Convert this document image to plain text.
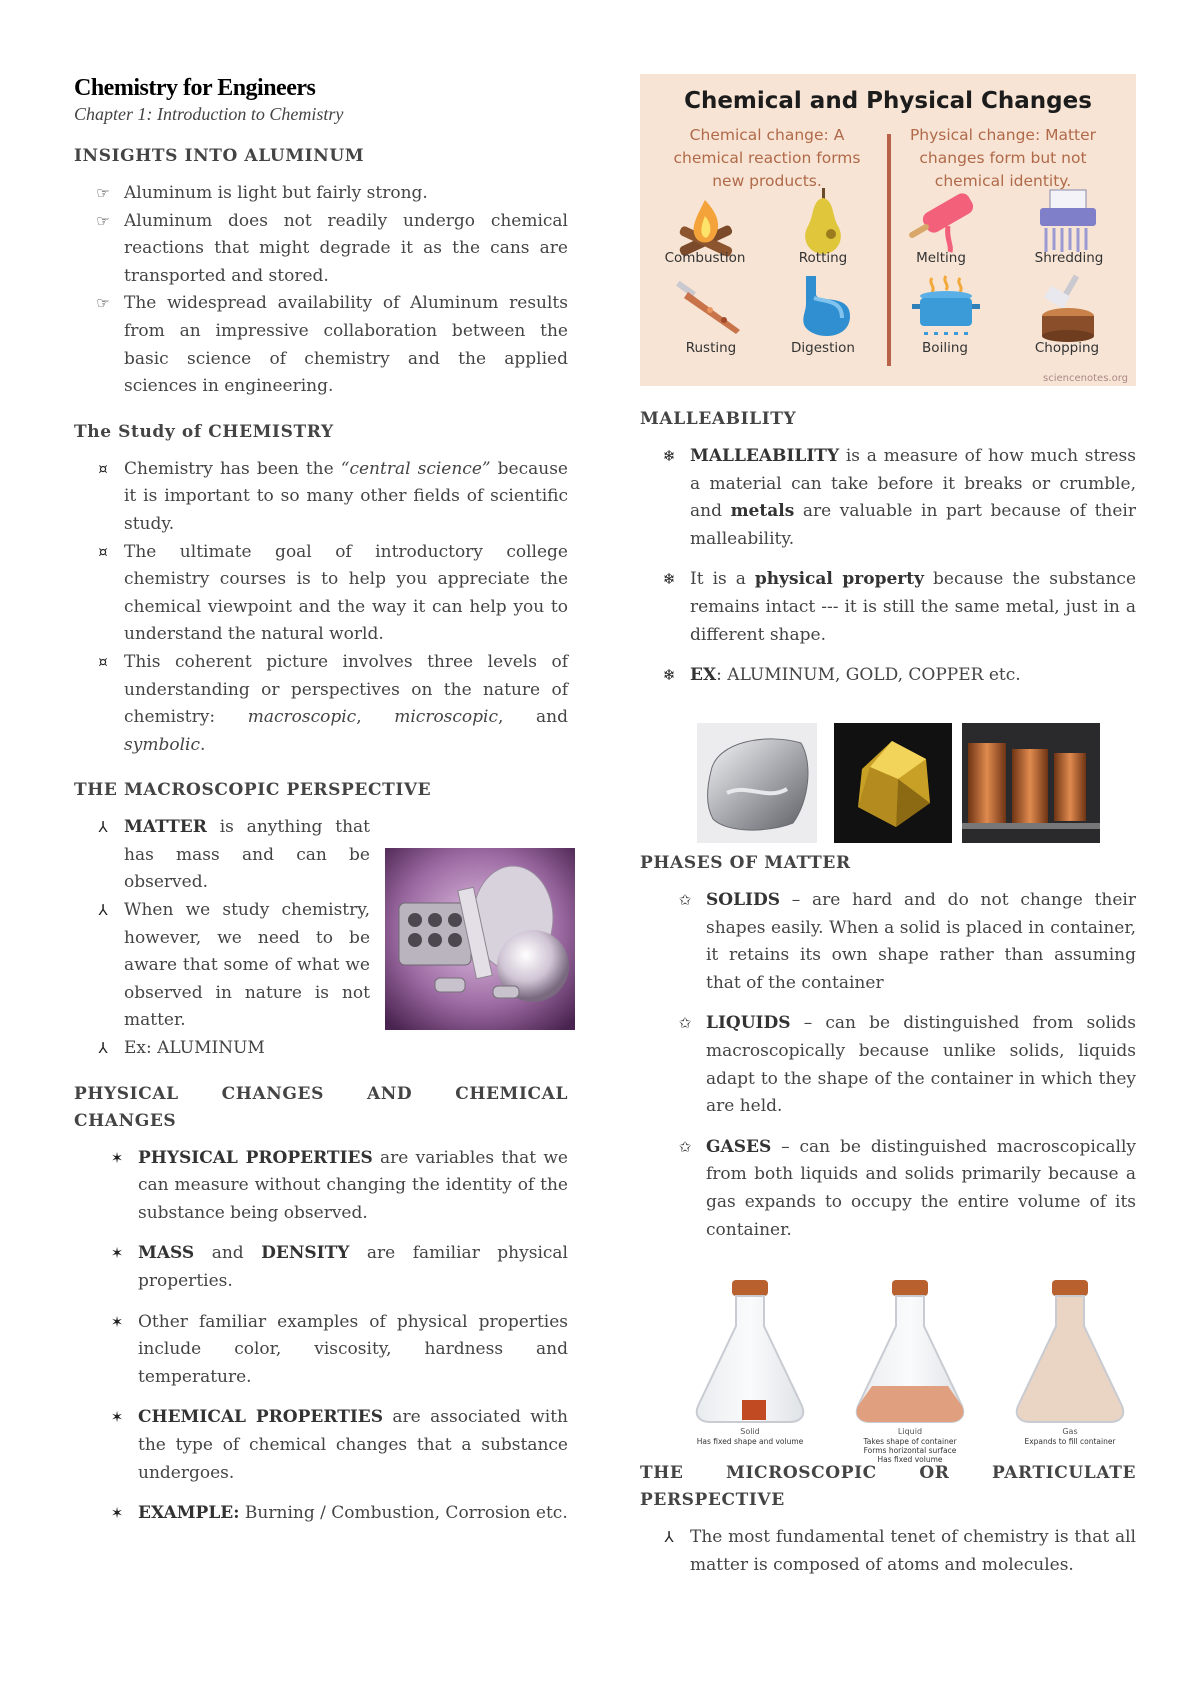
Chemistry for Engineers

Chapter 1: Introduction to Chemistry

INSIGHTS INTO ALUMINUM
☞ Aluminum is light but fairly strong.
☞ Aluminum does not readily undergo chemical reactions that might degrade it as the cans are transported and stored.
☞ The widespread availability of Aluminum results from an impressive collaboration between the basic science of chemistry and the applied sciences in engineering.
The Study of CHEMISTRY
¤ Chemistry has been the “central science” because it is important to so many other fields of scientific study.
¤ The ultimate goal of introductory college chemistry courses is to help you appreciate the chemical viewpoint and the way it can help you to understand the natural world.
¤ This coherent picture involves three levels of understanding or perspectives on the nature of chemistry: macroscopic, microscopic, and symbolic.
THE MACROSCOPIC PERSPECTIVE
⅄ MATTER is anything that has mass and can be observed.
⅄ When we study chemistry, however, we need to be aware that some of what we observed in nature is not matter.
⅄ Ex: ALUMINUM
PHYSICAL CHANGES AND CHEMICAL CHANGES
✶ PHYSICAL PROPERTIES are variables that we can measure without changing the identity of the substance being observed.
✶ MASS and DENSITY are familiar physical properties.
✶ Other familiar examples of physical properties include color, viscosity, hardness and temperature.
✶ CHEMICAL PROPERTIES are associated with the type of chemical changes that a substance undergoes.
✶ EXAMPLE: Burning / Combustion, Corrosion etc.
Chemical and Physical Changes
Chemical change: A chemical reaction forms new products.
Physical change: Matter changes form but not chemical identity.
Combustion	Rotting	Melting	Shredding
Rusting	Digestion	Boiling	Chopping
sciencenotes.org
MALLEABILITY
❄ MALLEABILITY is a measure of how much stress a material can take before it breaks or crumble, and metals are valuable in part because of their malleability.
❄ It is a physical property because the substance remains intact --- it is still the same metal, just in a different shape.
❄ EX: ALUMINUM, GOLD, COPPER etc.
PHASES OF MATTER
✩ SOLIDS – are hard and do not change their shapes easily. When a solid is placed in container, it retains its own shape rather than assuming that of the container
✩ LIQUIDS – can be distinguished from solids macroscopically because unlike solids, liquids adapt to the shape of the container in which they are held.
✩ GASES – can be distinguished macroscopically from both liquids and solids primarily because a gas expands to occupy the entire volume of its container.
Solid	Liquid	Gas
Has fixed shape and volume	Takes shape of container	Expands to fill container
Forms horizontal surface
Has fixed volume
THE MICROSCOPIC OR PARTICULATE PERSPECTIVE
⅄ The most fundamental tenet of chemistry is that all matter is composed of atoms and molecules.
